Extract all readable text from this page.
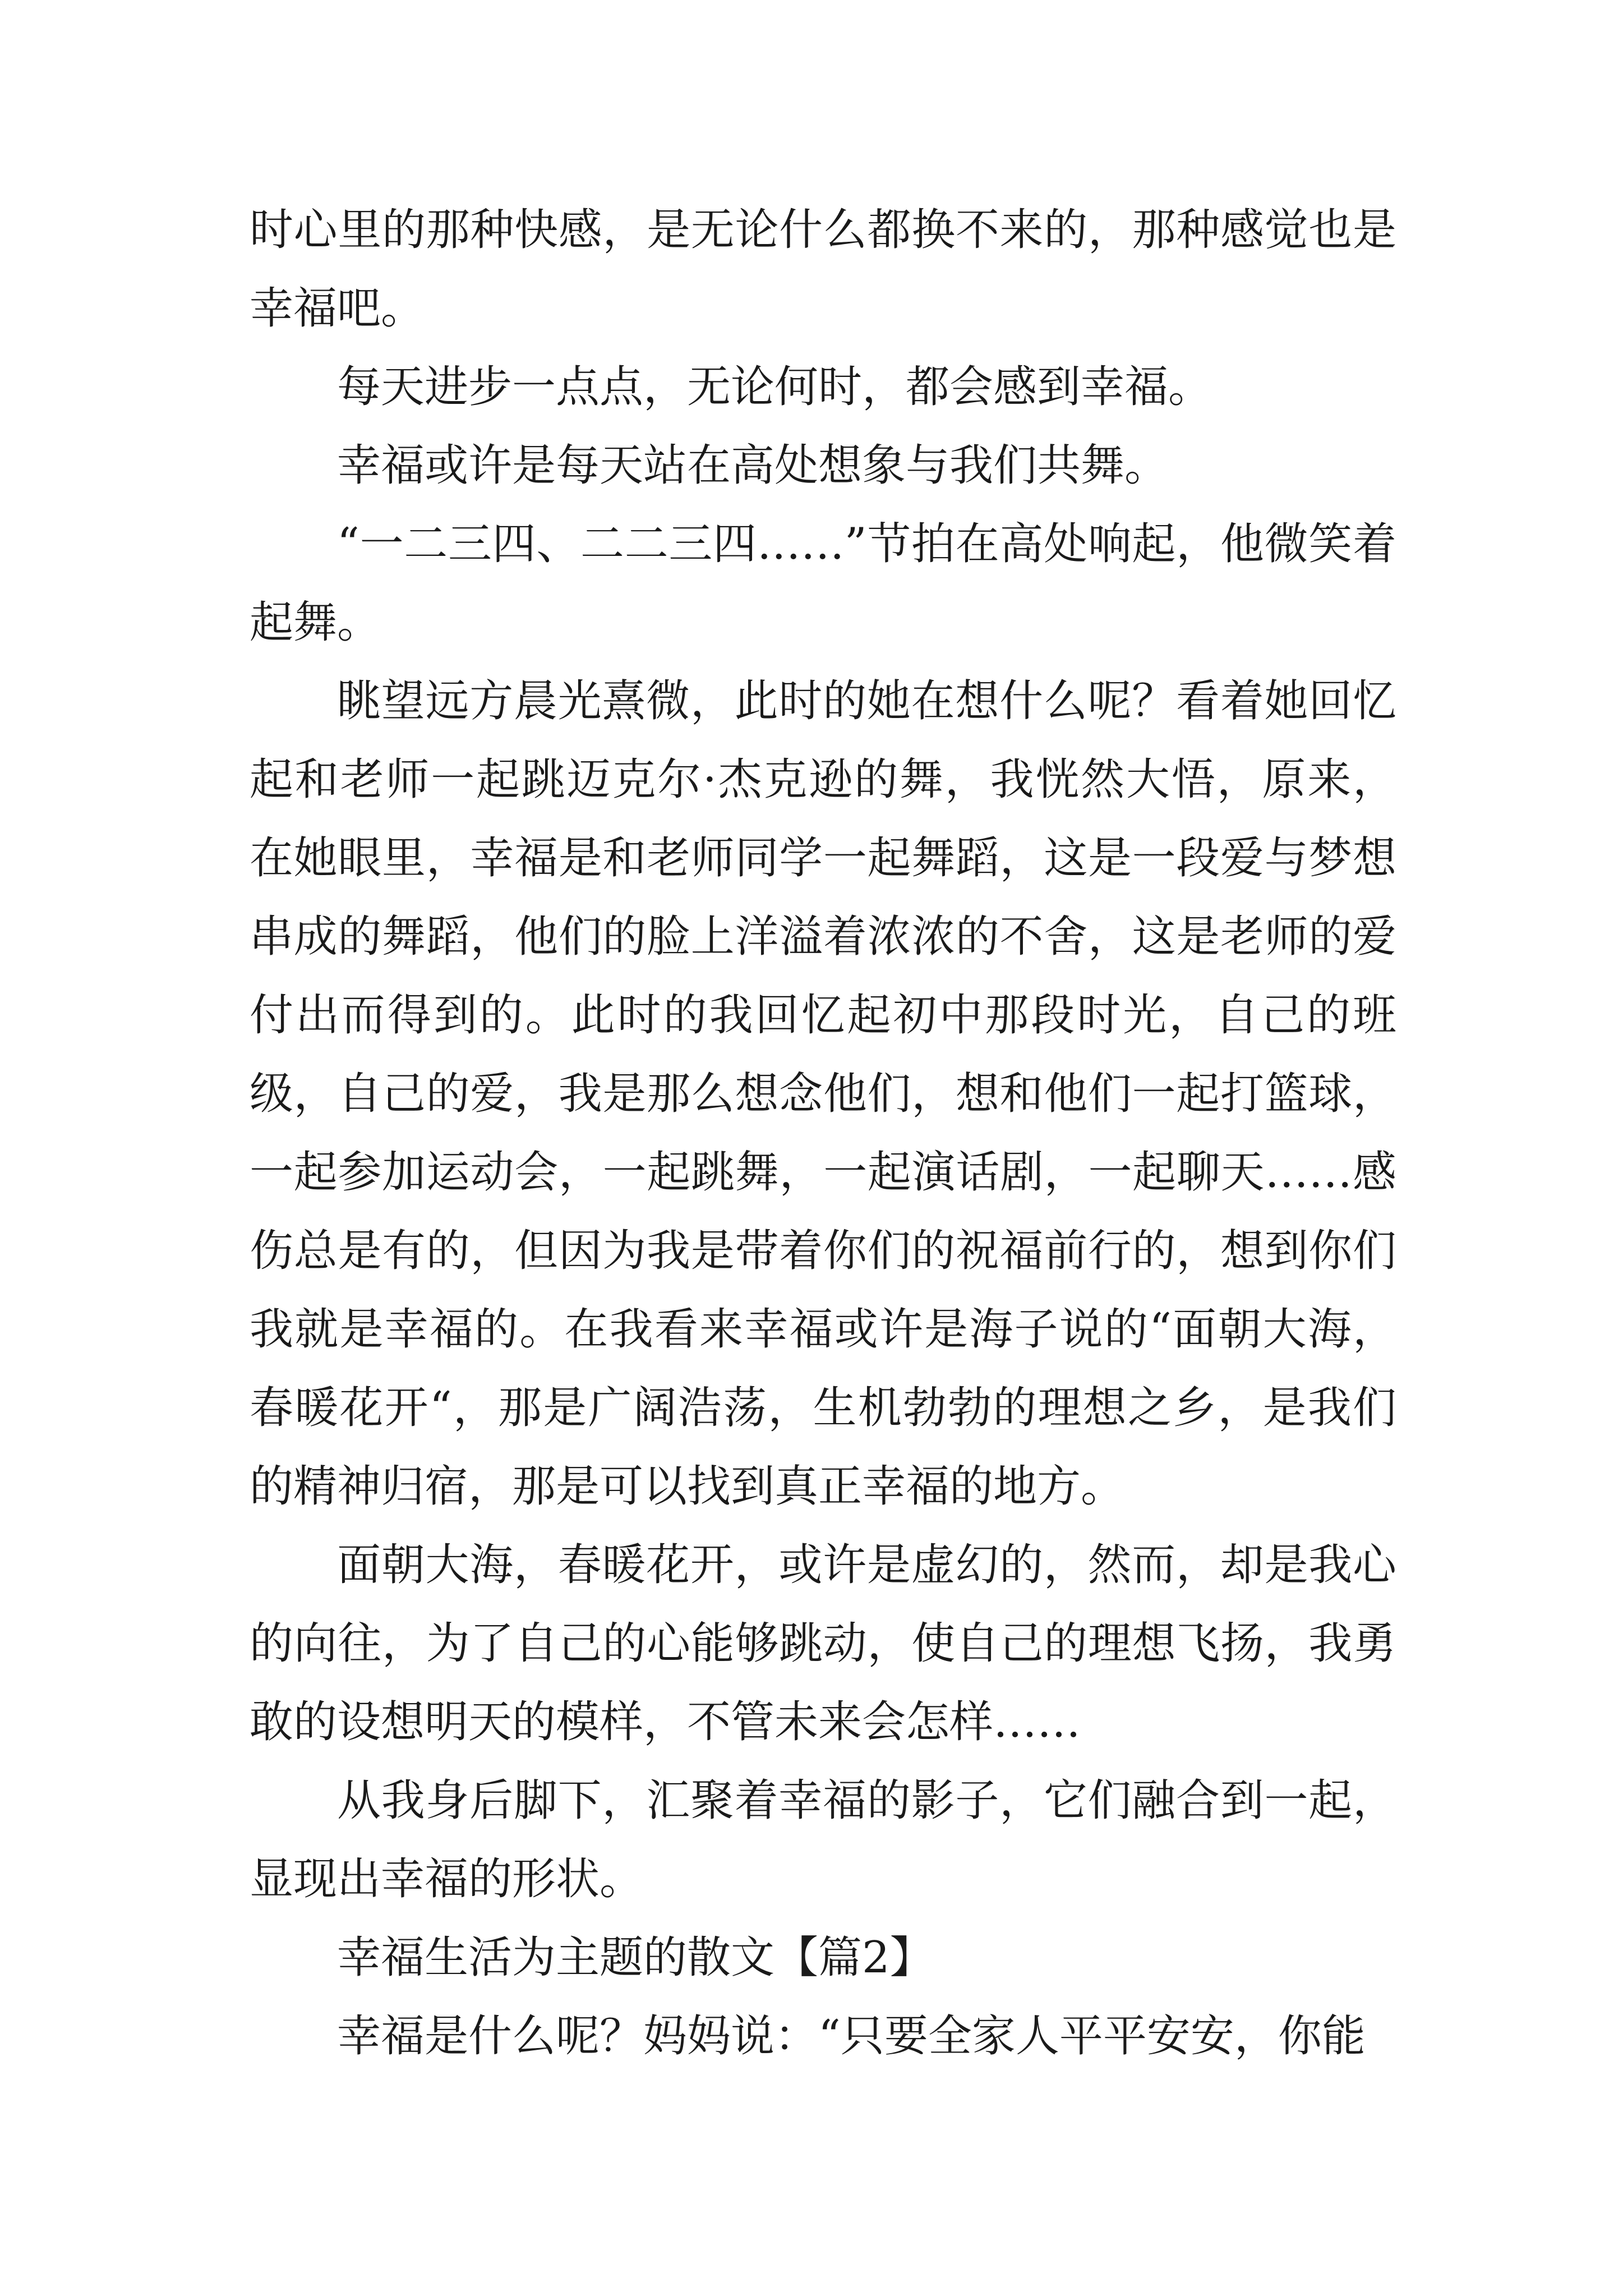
时心里的那种快感，是无论什么都换不来的，那种感觉也是幸福吧。

每天进步一点点，无论何时，都会感到幸福。

幸福或许是每天站在高处想象与我们共舞。

“一二三四、二二三四……”节拍在高处响起，他微笑着起舞。

眺望远方晨光熹微，此时的她在想什么呢？看着她回忆起和老师一起跳迈克尔·杰克逊的舞，我恍然大悟，原来，在她眼里，幸福是和老师同学一起舞蹈，这是一段爱与梦想串成的舞蹈，他们的脸上洋溢着浓浓的不舍，这是老师的爱付出而得到的。此时的我回忆起初中那段时光，自己的班级，自己的爱，我是那么想念他们，想和他们一起打篮球，一起参加运动会，一起跳舞，一起演话剧，一起聊天……感伤总是有的，但因为我是带着你们的祝福前行的，想到你们我就是幸福的。在我看来幸福或许是海子说的“面朝大海，春暖花开“，那是广阔浩荡，生机勃勃的理想之乡，是我们的精神归宿，那是可以找到真正幸福的地方。

面朝大海，春暖花开，或许是虚幻的，然而，却是我心的向往，为了自己的心能够跳动，使自己的理想飞扬，我勇敢的设想明天的模样，不管未来会怎样……

从我身后脚下，汇聚着幸福的影子，它们融合到一起，显现出幸福的形状。

幸福生活为主题的散文【篇2】

幸福是什么呢？妈妈说：“只要全家人平平安安，你能
